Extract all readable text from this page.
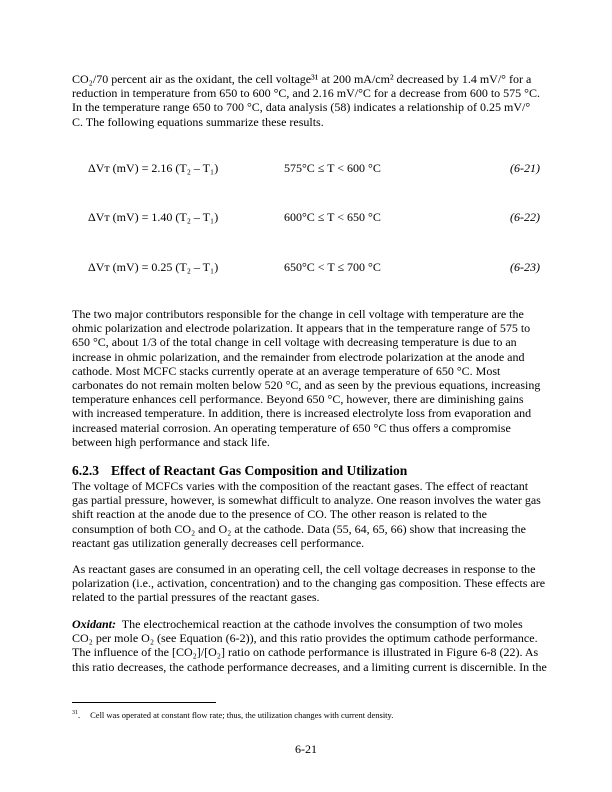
CO₂/70 percent air as the oxidant, the cell voltage³¹ at 200 mA/cm² decreased by 1.4 mV/° for a
reduction in temperature from 650 to 600 °C, and 2.16 mV/°C for a decrease from 600 to 575 °C.
In the temperature range 650 to 700 °C, data analysis (58) indicates a relationship of 0.25 mV/°
C. The following equations summarize these results.
ΔVᴛ (mV) = 2.16 (T₂ – T₁)	575°C ≤ T < 600 °C	(6-21)
ΔVᴛ (mV) = 1.40 (T₂ – T₁)	600°C ≤ T < 650 °C	(6-22)
ΔVᴛ (mV) = 0.25 (T₂ – T₁)	650°C < T ≤ 700 °C	(6-23)
The two major contributors responsible for the change in cell voltage with temperature are the
ohmic polarization and electrode polarization. It appears that in the temperature range of 575 to
650 °C, about 1/3 of the total change in cell voltage with decreasing temperature is due to an
increase in ohmic polarization, and the remainder from electrode polarization at the anode and
cathode. Most MCFC stacks currently operate at an average temperature of 650 °C. Most
carbonates do not remain molten below 520 °C, and as seen by the previous equations, increasing
temperature enhances cell performance. Beyond 650 °C, however, there are diminishing gains
with increased temperature. In addition, there is increased electrolyte loss from evaporation and
increased material corrosion. An operating temperature of 650 °C thus offers a compromise
between high performance and stack life.
6.2.3 Effect of Reactant Gas Composition and Utilization
The voltage of MCFCs varies with the composition of the reactant gases. The effect of reactant
gas partial pressure, however, is somewhat difficult to analyze. One reason involves the water gas
shift reaction at the anode due to the presence of CO. The other reason is related to the
consumption of both CO₂ and O₂ at the cathode. Data (55, 64, 65, 66) show that increasing the
reactant gas utilization generally decreases cell performance.
As reactant gases are consumed in an operating cell, the cell voltage decreases in response to the
polarization (i.e., activation, concentration) and to the changing gas composition. These effects are
related to the partial pressures of the reactant gases.
Oxidant:  The electrochemical reaction at the cathode involves the consumption of two moles
CO₂ per mole O₂ (see Equation (6-2)), and this ratio provides the optimum cathode performance.
The influence of the [CO₂]/[O₂] ratio on cathode performance is illustrated in Figure 6-8 (22). As
this ratio decreases, the cathode performance decreases, and a limiting current is discernible. In the
$^{31}$. Cell was operated at constant flow rate; thus, the utilization changes with current density.
6-21
